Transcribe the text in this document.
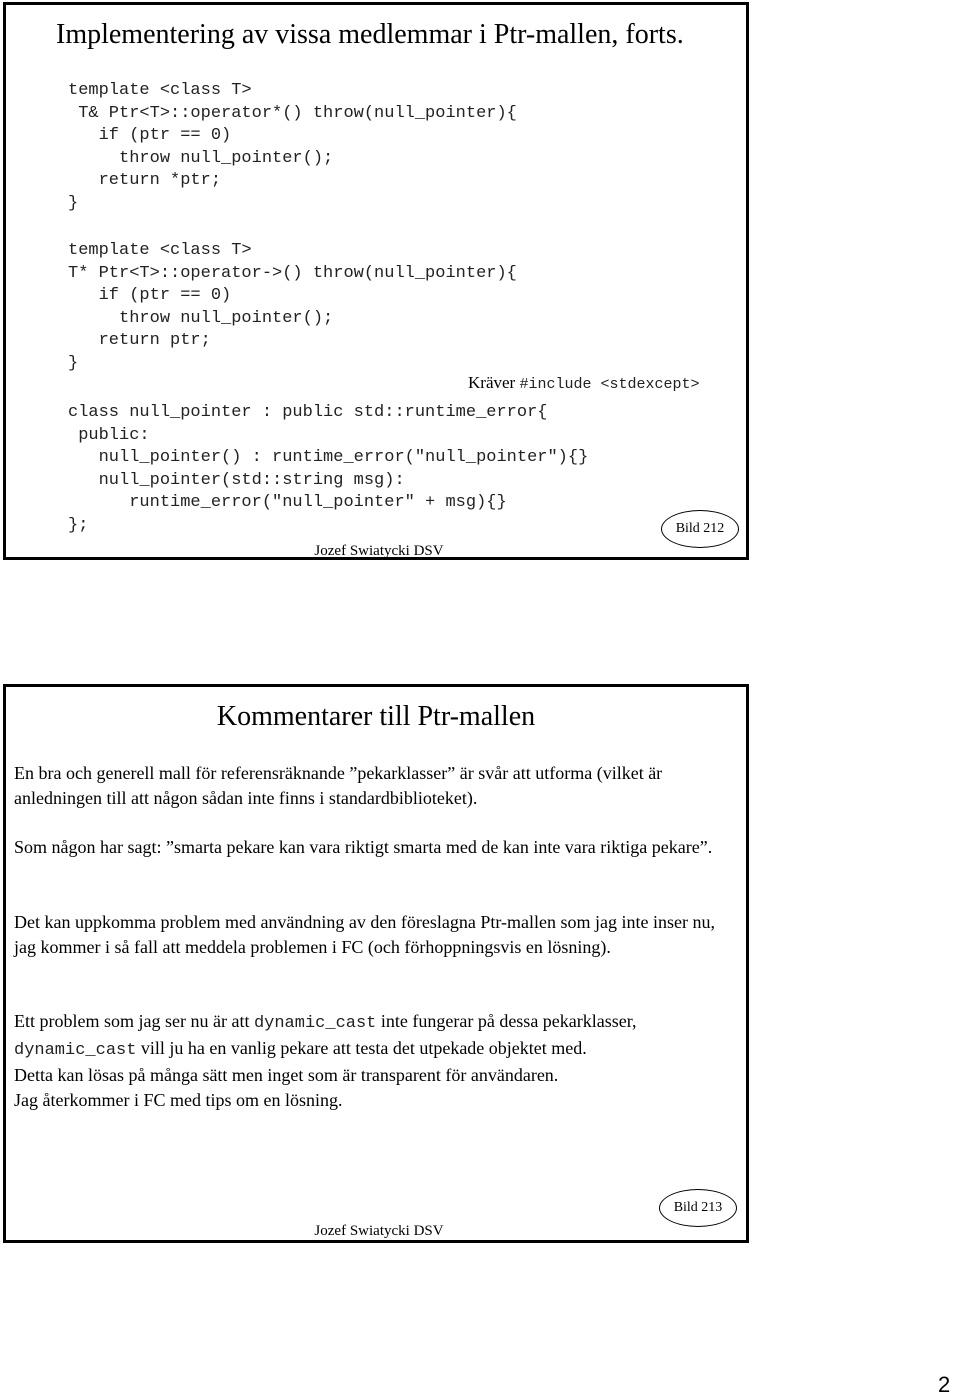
Implementering av vissa medlemmar i Ptr-mallen, forts.
template <class T>
T& Ptr<T>::operator*() throw(null_pointer){
if (ptr == 0)
throw null_pointer();
return *ptr;
}
template <class T>
T* Ptr<T>::operator->() throw(null_pointer){
if (ptr == 0)
throw null_pointer();
return ptr;
}
Kräver #include <stdexcept>
class null_pointer : public std::runtime_error{
public:
null_pointer() : runtime_error("null_pointer"){}
null_pointer(std::string msg):
runtime_error("null_pointer" + msg){}
};	Bild 212
Jozef Swiatycki DSV
Kommentarer till Ptr-mallen

En bra och generell mall för referensräknande ”pekarklasser” är svår att utforma (vilket är anledningen till att någon sådan inte finns i standardbiblioteket).

Som någon har sagt: ”smarta pekare kan vara riktigt smarta med de kan inte vara riktiga pekare”.

Det kan uppkomma problem med användning av den föreslagna Ptr-mallen som jag inte inser nu, jag kommer i så fall att meddela problemen i FC (och förhoppningsvis en lösning).

Ett problem som jag ser nu är att dynamic_cast inte fungerar på dessa pekarklasser, dynamic_cast vill ju ha en vanlig pekare att testa det utpekade objektet med.
Detta kan lösas på många sätt men inget som är transparent för användaren.
Jag återkommer i FC med tips om en lösning.

Bild 213
Jozef Swiatycki DSV
2
